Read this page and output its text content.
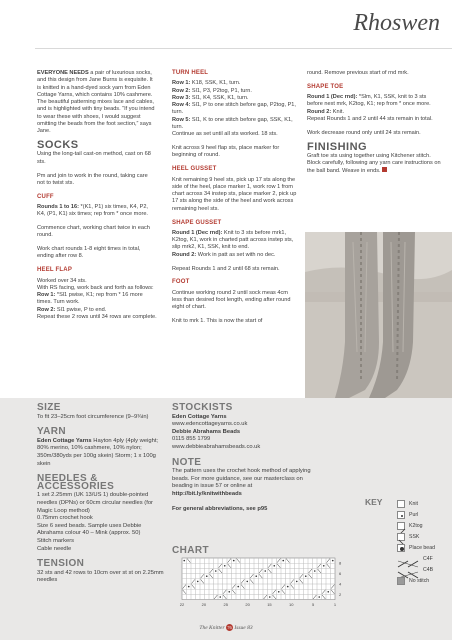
Rhoswen

EVERYONE NEEDS a pair of luxurious socks, and this design from Jane Burns is exquisite. It is knitted in a hand-dyed sock yarn from Eden Cottage Yarns, which contains 10% cashmere. The beautiful patterning mixes lace and cables, and is highlighted with tiny beads. “If you intend to wear these with shoes, I would suggest omitting the beads from the foot section,” says Jane.

SOCKS

Using the long-tail cast-on method, cast on 68 sts.

Pm and join to work in the round, taking care not to twist sts.

CUFF

Rounds 1 to 16: *(K1, P1) six times, K4, P2, K4, (P1, K1) six times; rep from * once more.

Commence chart, working chart twice in each round.

Work chart rounds 1-8 eight times in total, ending after row 8.

HEEL FLAP

Worked over 34 sts.
With RS facing, work back and forth as follows:
Row 1: *Sl1 pwise, K1; rep from * 16 more times. Turn work.
Row 2: Sl1 pwise, P to end.
Repeat these 2 rows until 34 rows are complete.

TURN HEEL

Row 1: K18, SSK, K1, turn.
Row 2: Sl1, P3, P2tog, P1, turn.
Row 3: Sl1, K4, SSK, K1, turn.
Row 4: Sl1, P to one stitch before gap, P2tog, P1, turn.
Row 5: Sl1, K to one stitch before gap, SSK, K1, turn.
Continue as set until all sts worked. 18 sts.

Knit across 9 heel flap sts, place marker for beginning of round.

HEEL GUSSET

Knit remaining 9 heel sts, pick up 17 sts along the side of the heel, place marker 1, work row 1 from chart across 34 instep sts, place marker 2, pick up 17 sts along the side of the heel and work across remaining heel sts.

SHAPE GUSSET

Round 1 (Dec rnd): Knit to 3 sts before mrk1, K2tog, K1, work in charted patt across instep sts, slip mrk2, K1, SSK, knit to end.
Round 2: Work in patt as set with no dec.

Repeat Rounds 1 and 2 until 68 sts remain.

FOOT

Continue working round 2 until sock meas 4cm less than desired foot length, ending after round eight of chart.

Knit to mrk 1. This is now the start of

round. Remove previous start of rnd mrk.

SHAPE TOE

Round 1 (Dec rnd): *Slm, K1, SSK, knit to 3 sts before next mrk, K2tog, K1; rep from * once more.
Round 2: Knit.
Repeat Rounds 1 and 2 until 44 sts remain in total.

Work decrease round only until 24 sts remain.

FINISHING

Graft toe sts using together using Kitchener stitch. Block carefully, following any yarn care instructions on the ball band. Weave in ends.

SIZE

To fit 23–25cm foot circumference (9–9¾in)

YARN

Eden Cottage Yarns Hayton 4ply (4ply weight; 80% merino, 10% cashmere, 10% nylon; 350m/380yds per 100g skein) Storm; 1 x 100g skein

NEEDLES & ACCESSORIES

1 set 2.25mm (UK 13/US 1) double-pointed needles (DPNs) or 60cm circular needles (for Magic Loop method)
0.75mm crochet hook
Size 6 seed beads. Sample uses Debbie Abrahams colour 40 – Mink (approx. 50)
Stitch markers
Cable needle

TENSION

32 sts and 42 rows to 10cm over st st on 2.25mm needles

STOCKISTS

Eden Cottage Yarns
www.edencottageyarns.co.uk
Debbie Abrahams Beads
0115 855 1799
www.debbieabrahamsbeads.co.uk

NOTE

The pattern uses the crochet hook method of applying beads. For more guidance, see our masterclass on beading in issue 57 or online at http://bit.ly/knitwithbeads

For general abbreviations, see p95

CHART
22	20	25	20	15	10	5	1
8
6
4
2
KEY	Knit
Purl
K2tog
SSK
Place bead
C4F
C4B
No stitch
The Knitter 76 Issue 83
